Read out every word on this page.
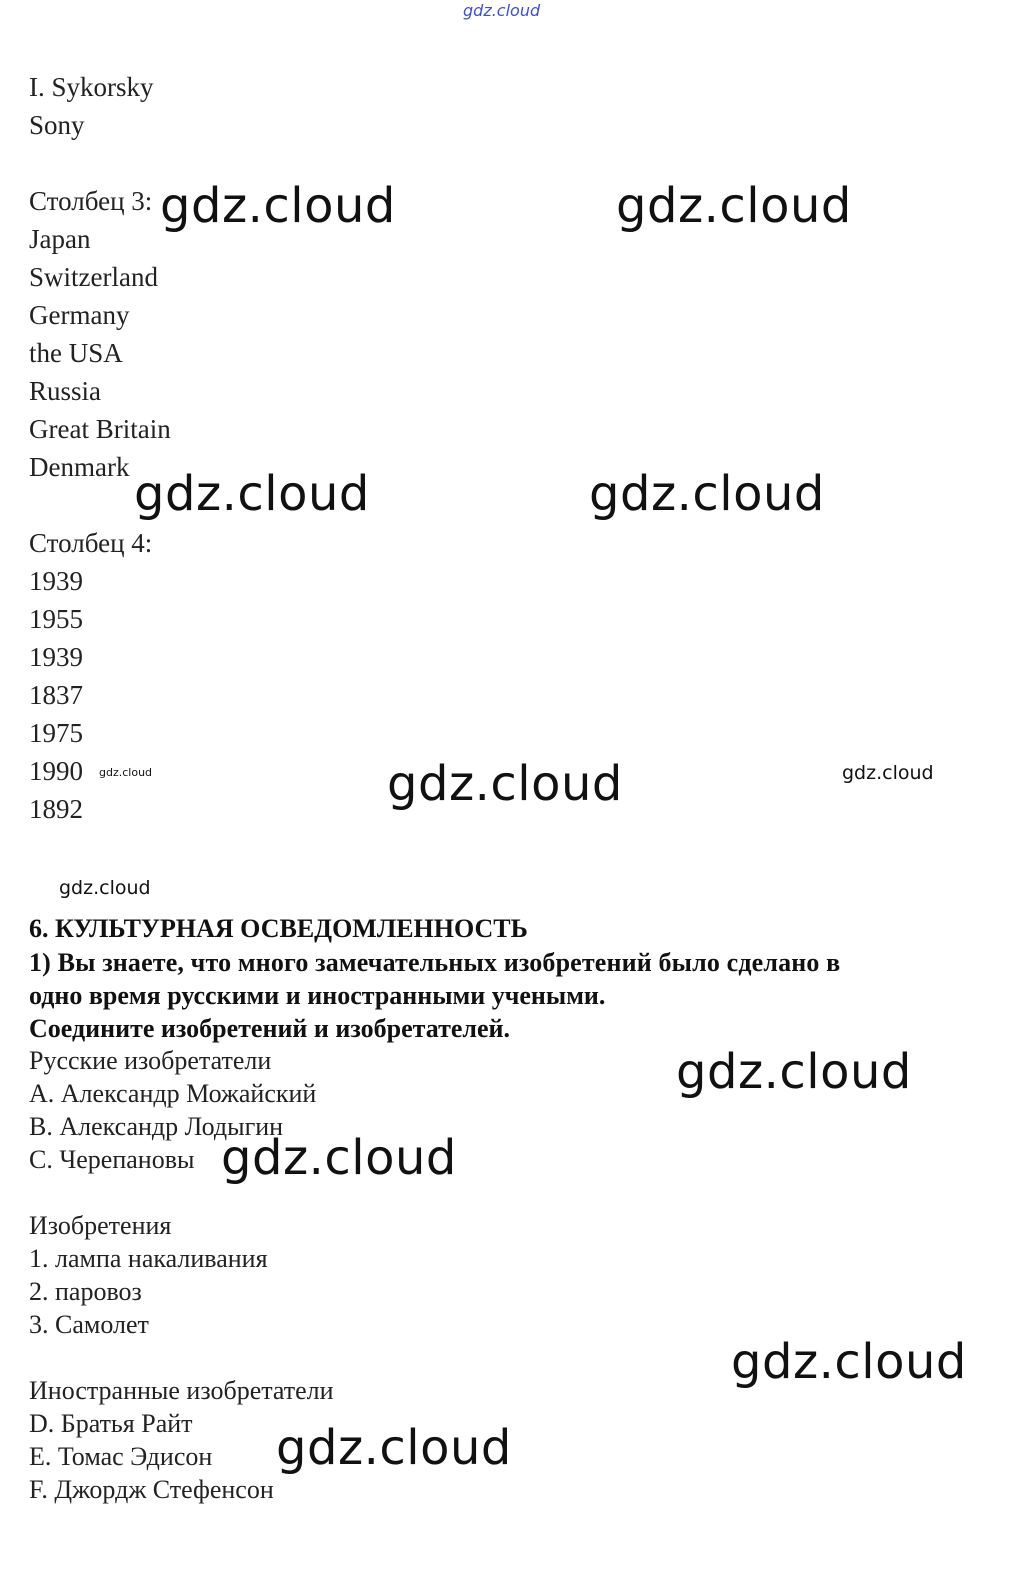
gdz.cloud

I. Sykorsky

Sony

Столбец 3:

Japan

Switzerland

Germany

the USA

Russia

Great Britain

Denmark

Столбец 4:

1939

1955

1939

1837

1975

1990

1892

6. КУЛЬТУРНАЯ ОСВЕДОМЛЕННОСТЬ

1) Вы знаете, что много замечательных изобретений было сделано в

одно время русскими и иностранными учеными.

Соедините изобретений и изобретателей.

Русские изобретатели

A. Александр Можайский

B. Александр Лодыгин

C. Черепановы

Изобретения

1. лампа накаливания

2. паровоз

3. Самолет

Иностранные изобретатели

D. Братья Райт

E. Томас Эдисон

F. Джордж Стефенсон

gdz.cloud	gdz.cloud

gdz.cloud	gdz.cloud

gdz.cloud	gdz.cloud	gdz.cloud

gdz.cloud

gdz.cloud

gdz.cloud

gdz.cloud

gdz.cloud
